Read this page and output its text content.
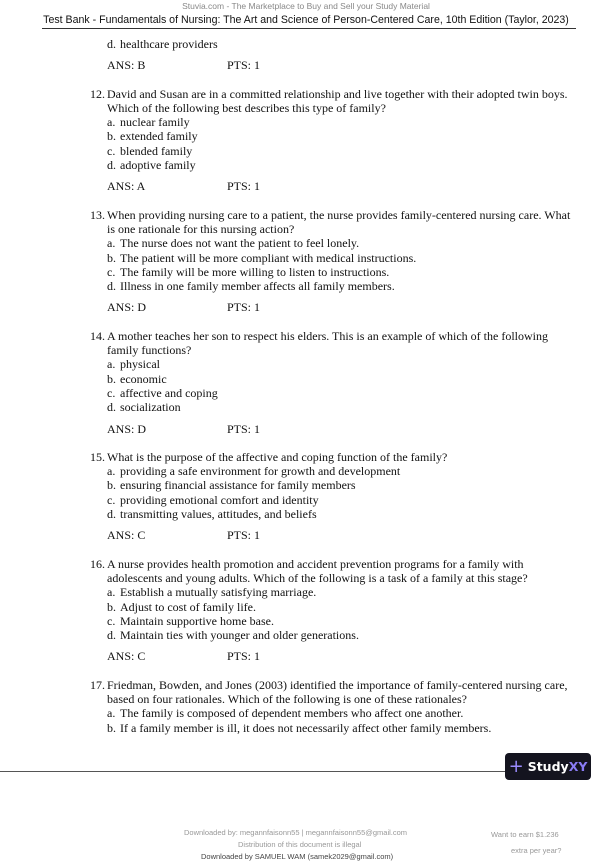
Stuvia.com - The Marketplace to Buy and Sell your Study Material
Test Bank - Fundamentals of Nursing: The Art and Science of Person-Centered Care, 10th Edition (Taylor, 2023)
d. healthcare providers
ANS: B	PTS: 1
12. David and Susan are in a committed relationship and live together with their adopted twin boys. Which of the following best describes this type of family?
a. nuclear family
b. extended family
c. blended family
d. adoptive family
ANS: A	PTS: 1
13. When providing nursing care to a patient, the nurse provides family-centered nursing care. What is one rationale for this nursing action?
a. The nurse does not want the patient to feel lonely.
b. The patient will be more compliant with medical instructions.
c. The family will be more willing to listen to instructions.
d. Illness in one family member affects all family members.
ANS: D	PTS: 1
14. A mother teaches her son to respect his elders. This is an example of which of the following family functions?
a. physical
b. economic
c. affective and coping
d. socialization
ANS: D	PTS: 1
15. What is the purpose of the affective and coping function of the family?
a. providing a safe environment for growth and development
b. ensuring financial assistance for family members
c. providing emotional comfort and identity
d. transmitting values, attitudes, and beliefs
ANS: C	PTS: 1
16. A nurse provides health promotion and accident prevention programs for a family with adolescents and young adults. Which of the following is a task of a family at this stage?
a. Establish a mutually satisfying marriage.
b. Adjust to cost of family life.
c. Maintain supportive home base.
d. Maintain ties with younger and older generations.
ANS: C	PTS: 1
17. Friedman, Bowden, and Jones (2003) identified the importance of family-centered nursing care, based on four rationales. Which of the following is one of these rationales?
a. The family is composed of dependent members who affect one another.
b. If a family member is ill, it does not necessarily affect other family members.
+ Study XY
Downloaded by: megannfaisonn55 | megannfaisonn55@gmail.com
Distribution of this document is illegal
Downloaded by SAMUEL WAM (samek2029@gmail.com)
Want to earn $1.236
extra per year?
